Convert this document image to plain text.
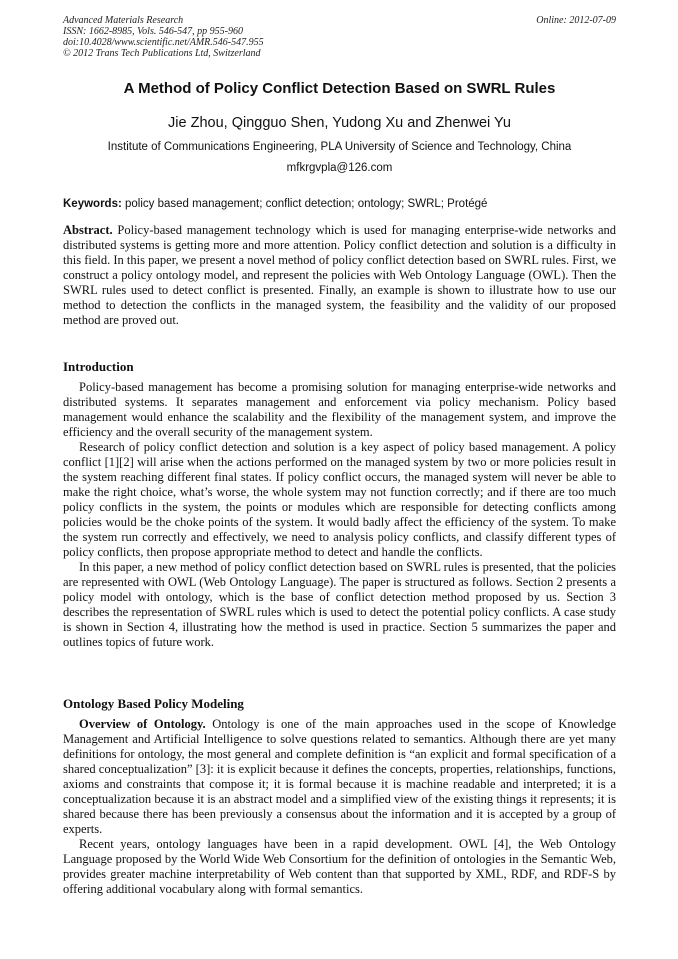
Advanced Materials Research
ISSN: 1662-8985, Vols. 546-547, pp 955-960
doi:10.4028/www.scientific.net/AMR.546-547.955
© 2012 Trans Tech Publications Ltd, Switzerland
Online: 2012-07-09
A Method of Policy Conflict Detection Based on SWRL Rules
Jie Zhou, Qingguo Shen, Yudong Xu and Zhenwei Yu
Institute of Communications Engineering, PLA University of Science and Technology, China
mfkrgvpla@126.com
Keywords: policy based management; conflict detection; ontology; SWRL; Protégé

Abstract. Policy-based management technology which is used for managing enterprise-wide networks and distributed systems is getting more and more attention. Policy conflict detection and solution is a difficulty in this field. In this paper, we present a novel method of policy conflict detection based on SWRL rules. First, we construct a policy ontology model, and represent the policies with Web Ontology Language (OWL). Then the SWRL rules used to detect conflict is presented. Finally, an example is shown to illustrate how to use our method to detection the conflicts in the managed system, the feasibility and the validity of our proposed method are proved out.

Introduction

Policy-based management has become a promising solution for managing enterprise-wide networks and distributed systems. It separates management and enforcement via policy mechanism. Policy based management would enhance the scalability and the flexibility of the management system, and improve the efficiency and the overall security of the management system.

Research of policy conflict detection and solution is a key aspect of policy based management. A policy conflict [1][2] will arise when the actions performed on the managed system by two or more policies result in the system reaching different final states. If policy conflict occurs, the managed system will never be able to make the right choice, what’s worse, the whole system may not function correctly; and if there are too much policy conflicts in the system, the points or modules which are responsible for detecting conflicts among policies would be the choke points of the system. It would badly affect the efficiency of the system. To make the system run correctly and effectively, we need to analysis policy conflicts, and classify different types of policy conflicts, then propose appropriate method to detect and handle the conflicts.

In this paper, a new method of policy conflict detection based on SWRL rules is presented, that the policies are represented with OWL (Web Ontology Language). The paper is structured as follows. Section 2 presents a policy model with ontology, which is the base of conflict detection method proposed by us. Section 3 describes the representation of SWRL rules which is used to detect the potential policy conflicts. A case study is shown in Section 4, illustrating how the method is used in practice. Section 5 summarizes the paper and outlines topics of future work.

Ontology Based Policy Modeling

Overview of Ontology. Ontology is one of the main approaches used in the scope of Knowledge Management and Artificial Intelligence to solve questions related to semantics. Although there are yet many definitions for ontology, the most general and complete definition is “an explicit and formal specification of a shared conceptualization” [3]: it is explicit because it defines the concepts, properties, relationships, functions, axioms and constraints that compose it; it is formal because it is machine readable and interpreted; it is a conceptualization because it is an abstract model and a simplified view of the existing things it represents; it is shared because there has been previously a consensus about the information and it is accepted by a group of experts.

Recent years, ontology languages have been in a rapid development. OWL [4], the Web Ontology Language proposed by the World Wide Web Consortium for the definition of ontologies in the Semantic Web, provides greater machine interpretability of Web content than that supported by XML, RDF, and RDF-S by offering additional vocabulary along with formal semantics.
